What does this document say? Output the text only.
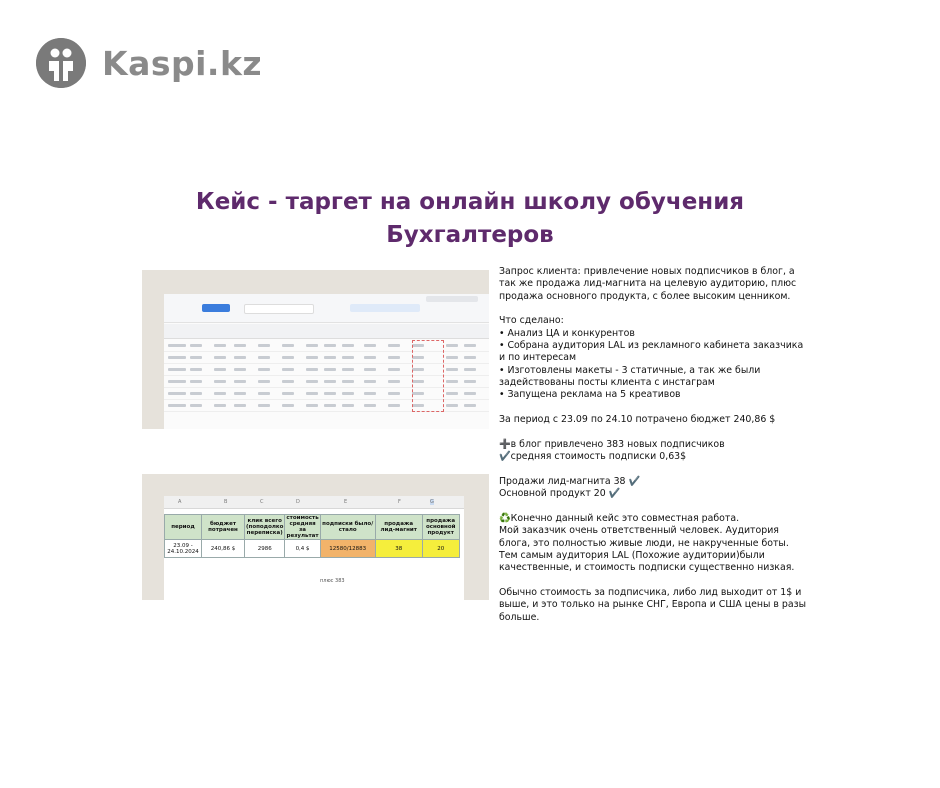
Kaspi.kz
Кейс - таргет на онлайн школу обучения
Бухгалтеров
A	B	C	D	E	F	G
период	бюджет потрачен	клик всего (поподолко переписка)	стоимость средняя за результат	подписки было/стало	продажа лид-магнит	продажа основной продукт
23.09 - 24.10.2024	240,86 $	2986	0,4 $	12580/12883	38	20
плюс 383

Запрос клиента: привлечение новых подписчиков в блог, а так же продажа лид-магнита на целевую аудиторию, плюс продажа основного продукта, с более высоким ценником.

Что сделано:

• Анализ ЦА и конкурентов

• Собрана аудитория LAL из рекламного кабинета заказчика и по интересам

• Изготовлены макеты - 3 статичные, а так же были задействованы посты клиента с инстаграм

• Запущена реклама на 5 креативов

За период с 23.09 по 24.10 потрачено бюджет 240,86 $

➕в блог привлечено 383 новых подписчиков

✔️средняя стоимость подписки 0,63$

Продажи лид-магнита 38 ✔️

Основной продукт 20 ✔️

♻️Конечно данный кейс это совместная работа.

Мой заказчик очень ответственный человек. Аудитория блога, это полностью живые люди, не накрученные боты.

Тем самым аудитория LAL (Похожие аудитории)были качественные, и стоимость подписки существенно низкая.

Обычно стоимость за подписчика, либо лид выходит от 1$ и выше, и это только на рынке СНГ, Европа и США цены в разы больше.
